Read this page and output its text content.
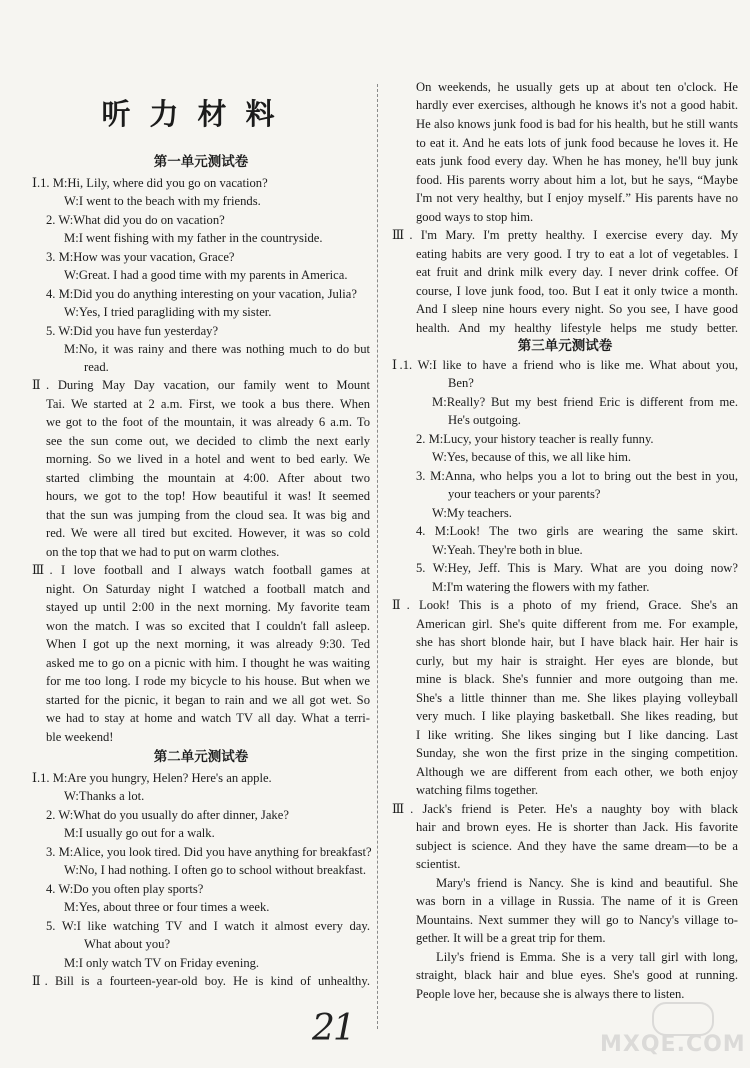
听力材料
第一单元测试卷
第二单元测试卷
第三单元测试卷
Ⅰ.1. M:Hi, Lily, where did you go on vacation?
W:I went to the beach with my friends.
2. W:What did you do on vacation?
M:I went fishing with my father in the countryside.
3. M:How was your vacation, Grace?
W:Great. I had a good time with my parents in America.
4. M:Did you do anything interesting on your vacation, Julia?
W:Yes, I tried paragliding with my sister.
5. W:Did you have fun yesterday?
M:No, it was rainy and there was nothing much to do but
read.
Ⅱ. During May Day vacation, our family went to Mount
Tai. We started at 2 a.m. First, we took a bus there. When
we got to the foot of the mountain, it was already 6 a.m. To
see the sun come out, we decided to climb the next early
morning. So we lived in a hotel and went to bed early. We
started climbing the mountain at 4:00. After about two
hours, we got to the top! How beautiful it was! It seemed
that the sun was jumping from the cloud sea. It was big and
red. We were all tired but excited. However, it was so cold
on the top that we had to put on warm clothes.
Ⅲ. I love football and I always watch football games at
night. On Saturday night I watched a football match and
stayed up until 2:00 in the next morning. My favorite team
won the match. I was so excited that I couldn't fall asleep.
When I got up the next morning, it was already 9:30. Ted
asked me to go on a picnic with him. I thought he was waiting
for me too long. I rode my bicycle to his house. But when we
started for the picnic, it began to rain and we all got wet. So
we had to stay at home and watch TV all day. What a terri-
ble weekend!
Ⅰ.1. M:Are you hungry, Helen? Here's an apple.
W:Thanks a lot.
2. W:What do you usually do after dinner, Jake?
M:I usually go out for a walk.
3. M:Alice, you look tired. Did you have anything for breakfast?
W:No, I had nothing. I often go to school without breakfast.
4. W:Do you often play sports?
M:Yes, about three or four times a week.
5. W:I like watching TV and I watch it almost every day.
What about you?
M:I only watch TV on Friday evening.
Ⅱ. Bill is a fourteen-year-old boy. He is kind of unhealthy.
On weekends, he usually gets up at about ten o'clock. He
hardly ever exercises, although he knows it's not a good habit.
He also knows junk food is bad for his health, but he still wants
to eat it. And he eats lots of junk food because he loves it. He
eats junk food every day. When he has money, he'll buy junk
food. His parents worry about him a lot, but he says, “Maybe
I'm not very healthy, but I enjoy myself.” His parents have no
good ways to stop him.
Ⅲ. I'm Mary. I'm pretty healthy. I exercise every day. My
eating habits are very good. I try to eat a lot of vegetables. I
eat fruit and drink milk every day. I never drink coffee. Of
course, I love junk food, too. But I eat it only twice a month.
And I sleep nine hours every night. So you see, I have good
health. And my healthy lifestyle helps me study better.
Ⅰ.1. W:I like to have a friend who is like me. What about you,
Ben?
M:Really? But my best friend Eric is different from me.
He's outgoing.
2. M:Lucy, your history teacher is really funny.
W:Yes, because of this, we all like him.
3. M:Anna, who helps you a lot to bring out the best in you,
your teachers or your parents?
W:My teachers.
4. M:Look! The two girls are wearing the same skirt.
W:Yeah. They're both in blue.
5. W:Hey, Jeff. This is Mary. What are you doing now?
M:I'm watering the flowers with my father.
Ⅱ. Look! This is a photo of my friend, Grace. She's an
American girl. She's quite different from me. For example,
she has short blonde hair, but I have black hair. Her hair is
curly, but my hair is straight. Her eyes are blonde, but
mine is black. She's funnier and more outgoing than me.
She's a little thinner than me. She likes playing volleyball
very much. I like playing basketball. She likes reading, but
I like writing. She likes singing but I like dancing. Last
Sunday, she won the first prize in the singing competition.
Although we are different from each other, we both enjoy
watching films together.
Ⅲ. Jack's friend is Peter. He's a naughty boy with black
hair and brown eyes. He is shorter than Jack. His favorite
subject is science. And they have the same dream—to be a
scientist.
Mary's friend is Nancy. She is kind and beautiful. She
was born in a village in Russia. The name of it is Green
Mountains. Next summer they will go to Nancy's village to-
gether. It will be a great trip for them.
Lily's friend is Emma. She is a very tall girl with long,
straight, black hair and blue eyes. She's good at running.
People love her, because she is always there to listen.
21	MXQE.COM
